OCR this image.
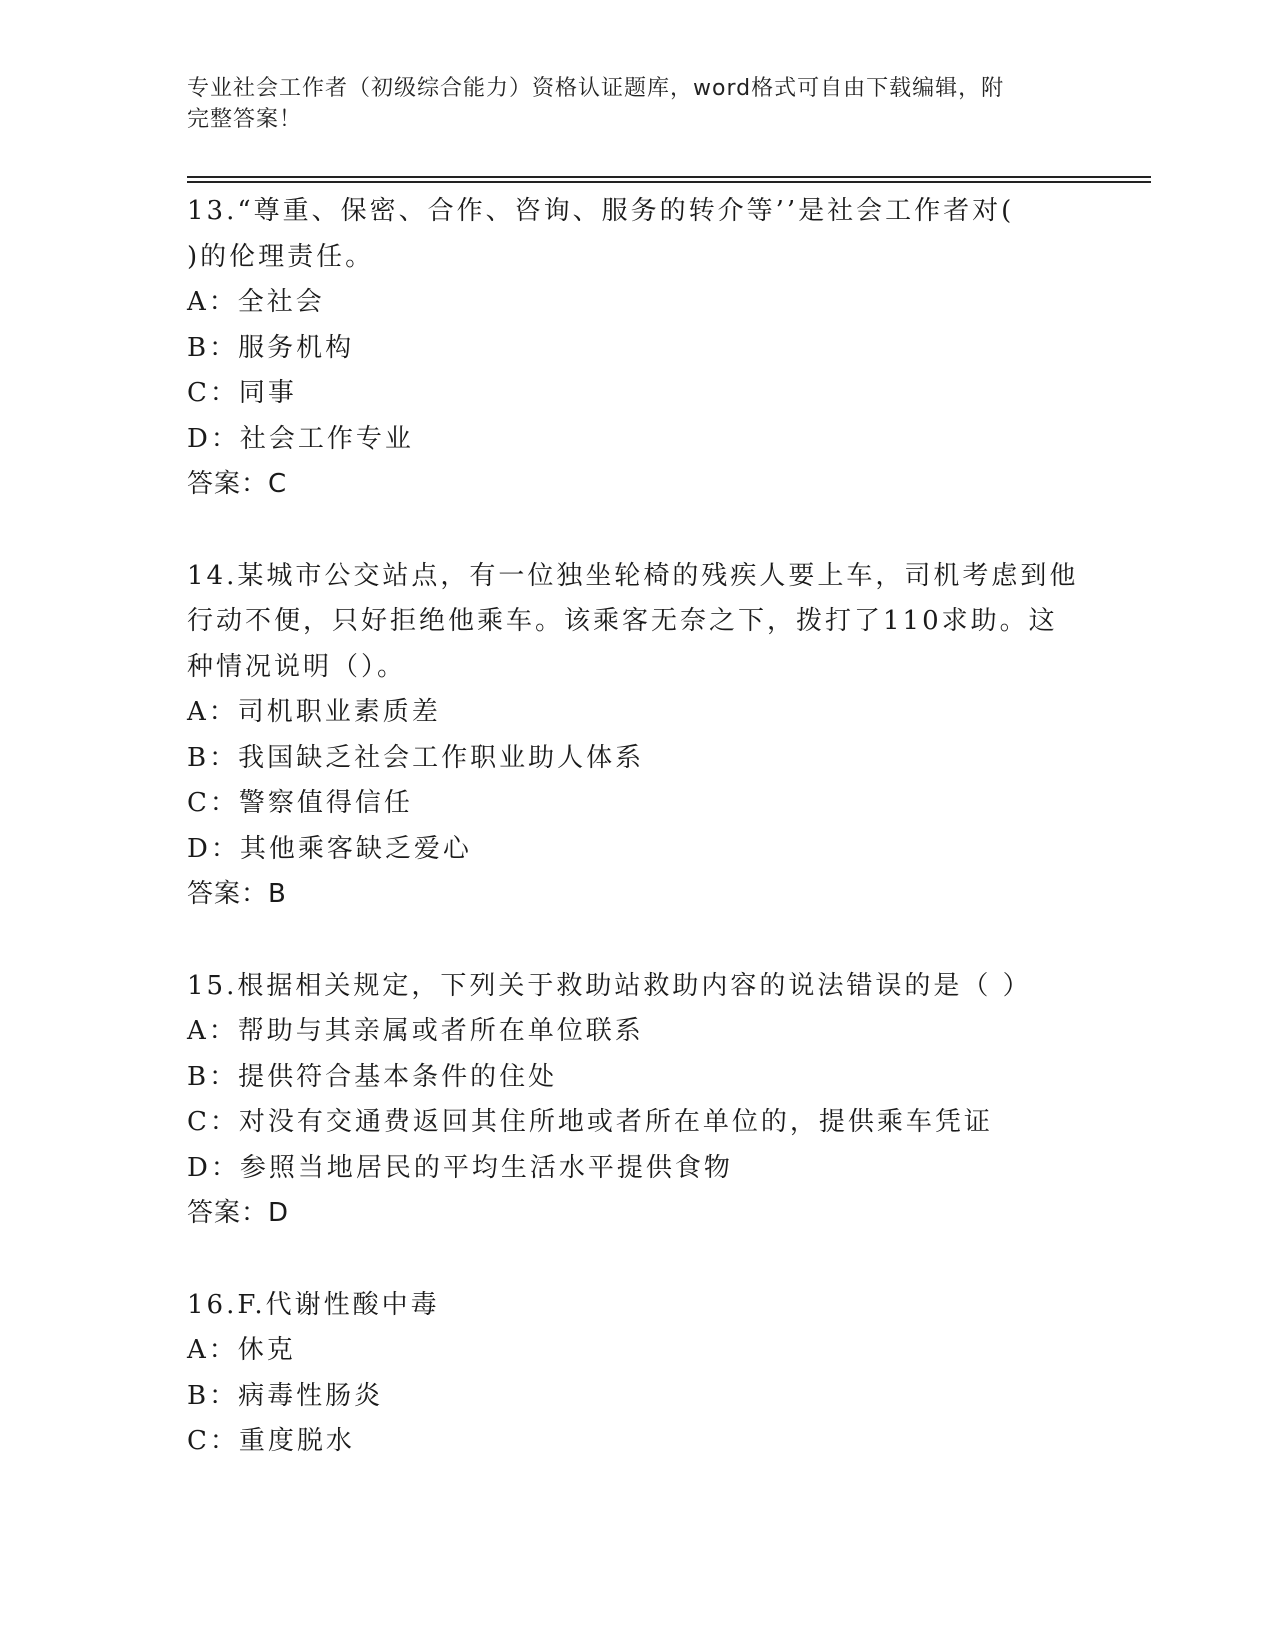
专业社会工作者（初级综合能力）资格认证题库，word格式可自由下载编辑，附
完整答案！
13.“尊重、保密、合作、咨询、服务的转介等’’是社会工作者对(
)的伦理责任。
A：全社会
B：服务机构
C：同事
D：社会工作专业
答案：C
14.某城市公交站点，有一位独坐轮椅的残疾人要上车，司机考虑到他
行动不便，只好拒绝他乘车。该乘客无奈之下，拨打了110求助。这
种情况说明（）。
A：司机职业素质差
B：我国缺乏社会工作职业助人体系
C：警察值得信任
D：其他乘客缺乏爱心
答案：B
15.根据相关规定，下列关于救助站救助内容的说法错误的是（ ）
A：帮助与其亲属或者所在单位联系
B：提供符合基本条件的住处
C：对没有交通费返回其住所地或者所在单位的，提供乘车凭证
D：参照当地居民的平均生活水平提供食物
答案：D
16.F.代谢性酸中毒
A：休克
B：病毒性肠炎
C：重度脱水
